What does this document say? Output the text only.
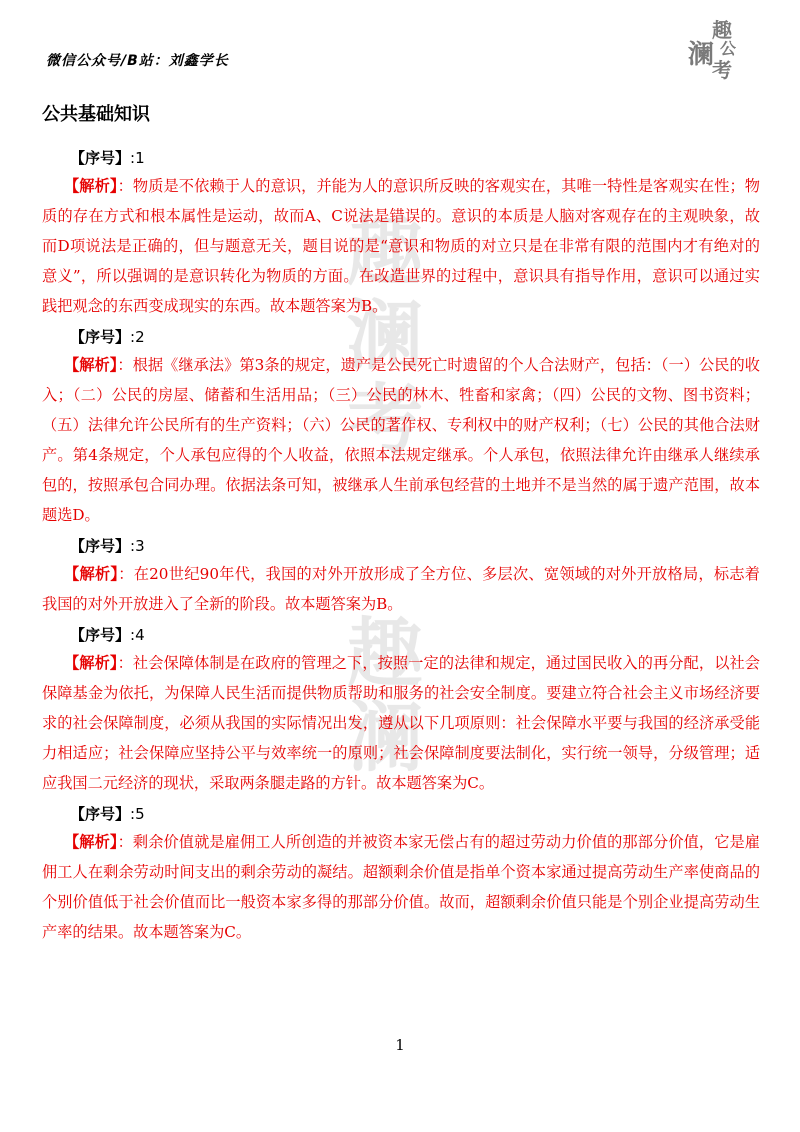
微信公众号/B站：刘鑫学长
趣
澜 公
考
趣
澜
考
趣
澜
公共基础知识
【序号】:1

【解析】：物质是不依赖于人的意识，并能为人的意识所反映的客观实在，其唯一特性是客观实在性；物质的存在方式和根本属性是运动，故而A、C说法是错误的。意识的本质是人脑对客观存在的主观映象，故而D项说法是正确的，但与题意无关，题目说的是“意识和物质的对立只是在非常有限的范围内才有绝对的意义”，所以强调的是意识转化为物质的方面。在改造世界的过程中，意识具有指导作用，意识可以通过实践把观念的东西变成现实的东西。故本题答案为B。

【序号】:2

【解析】：根据《继承法》第3条的规定，遗产是公民死亡时遗留的个人合法财产，包括：（一）公民的收入；（二）公民的房屋、储蓄和生活用品；（三）公民的林木、牲畜和家禽；（四）公民的文物、图书资料；（五）法律允许公民所有的生产资料；（六）公民的著作权、专利权中的财产权利；（七）公民的其他合法财产。第4条规定，个人承包应得的个人收益，依照本法规定继承。个人承包，依照法律允许由继承人继续承包的，按照承包合同办理。依据法条可知，被继承人生前承包经营的土地并不是当然的属于遗产范围，故本题选D。

【序号】:3

【解析】：在20世纪90年代，我国的对外开放形成了全方位、多层次、宽领域的对外开放格局，标志着我国的对外开放进入了全新的阶段。故本题答案为B。

【序号】:4

【解析】：社会保障体制是在政府的管理之下，按照一定的法律和规定，通过国民收入的再分配，以社会保障基金为依托，为保障人民生活而提供物质帮助和服务的社会安全制度。要建立符合社会主义市场经济要求的社会保障制度，必须从我国的实际情况出发，遵从以下几项原则：社会保障水平要与我国的经济承受能力相适应；社会保障应坚持公平与效率统一的原则；社会保障制度要法制化，实行统一领导，分级管理；适应我国二元经济的现状，采取两条腿走路的方针。故本题答案为C。

【序号】:5

【解析】：剩余价值就是雇佣工人所创造的并被资本家无偿占有的超过劳动力价值的那部分价值，它是雇佣工人在剩余劳动时间支出的剩余劳动的凝结。超额剩余价值是指单个资本家通过提高劳动生产率使商品的个别价值低于社会价值而比一般资本家多得的那部分价值。故而，超额剩余价值只能是个别企业提高劳动生产率的结果。故本题答案为C。

1
